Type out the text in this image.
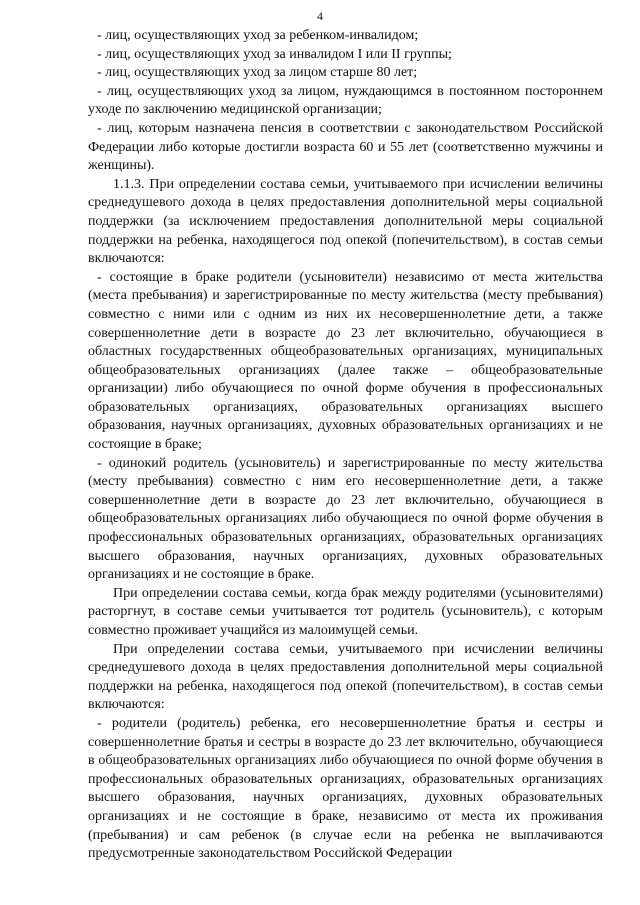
4

- лиц, осуществляющих уход за ребенком-инвалидом;

- лиц, осуществляющих уход за инвалидом I или II группы;

- лиц, осуществляющих уход за лицом старше 80 лет;

- лиц, осуществляющих уход за лицом, нуждающимся в постоянном постороннем уходе по заключению медицинской организации;

- лиц, которым назначена пенсия в соответствии с законодательством Российской Федерации либо которые достигли возраста 60 и 55 лет (соответственно мужчины и женщины).

1.1.3. При определении состава семьи, учитываемого при исчислении величины среднедушевого дохода в целях предоставления дополнительной меры социальной поддержки (за исключением предоставления дополнительной меры социальной поддержки на ребенка, находящегося под опекой (попечительством), в состав семьи включаются:

- состоящие в браке родители (усыновители) независимо от места жительства (места пребывания) и зарегистрированные по месту жительства (месту пребывания) совместно с ними или с одним из них их несовершеннолетние дети, а также совершеннолетние дети в возрасте до 23 лет включительно, обучающиеся в областных государственных общеобразовательных организациях, муниципальных общеобразовательных организациях (далее также – общеобразовательные организации) либо обучающиеся по очной форме обучения в профессиональных образовательных организациях, образовательных организациях высшего образования, научных организациях, духовных образовательных организациях и не состоящие в браке;

- одинокий родитель (усыновитель) и зарегистрированные по месту жительства (месту пребывания) совместно с ним его несовершеннолетние дети, а также совершеннолетние дети в возрасте до 23 лет включительно, обучающиеся в общеобразовательных организациях либо обучающиеся по очной форме обучения в профессиональных образовательных организациях, образовательных организациях высшего образования, научных организациях, духовных образовательных организациях и не состоящие в браке.

При определении состава семьи, когда брак между родителями (усыновителями) расторгнут, в составе семьи учитывается тот родитель (усыновитель), с которым совместно проживает учащийся из малоимущей семьи.

При определении состава семьи, учитываемого при исчислении величины среднедушевого дохода в целях предоставления дополнительной меры социальной поддержки на ребенка, находящегося под опекой (попечительством), в состав семьи включаются:

- родители (родитель) ребенка, его несовершеннолетние братья и сестры и совершеннолетние братья и сестры в возрасте до 23 лет включительно, обучающиеся в общеобразовательных организациях либо обучающиеся по очной форме обучения в профессиональных образовательных организациях, образовательных организациях высшего образования, научных организациях, духовных образовательных организациях и не состоящие в браке, независимо от места их проживания (пребывания) и сам ребенок (в случае если на ребенка не выплачиваются предусмотренные законодательством Российской Федерации
